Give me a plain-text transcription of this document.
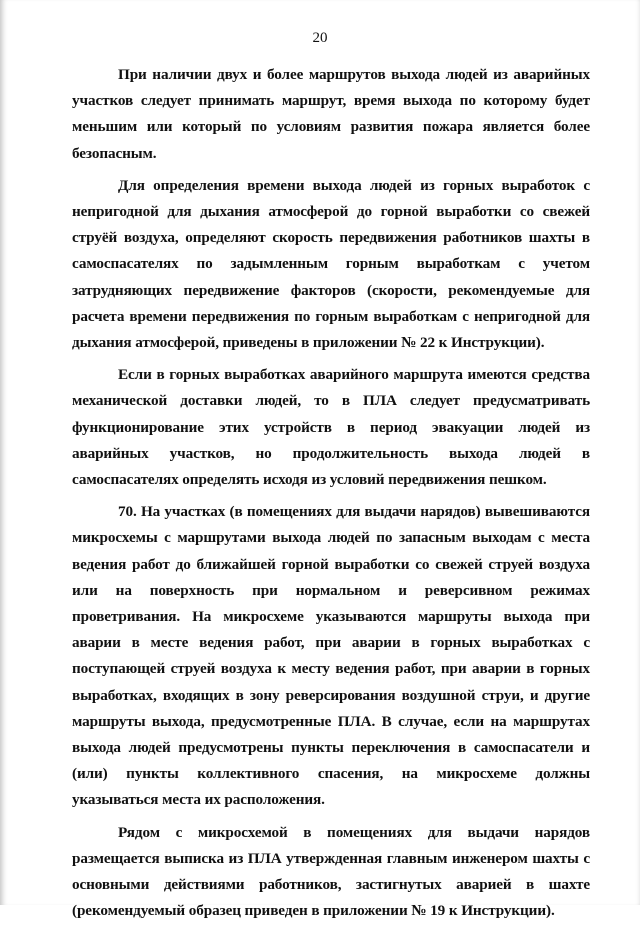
20

При наличии двух и более маршрутов выхода людей из аварийных участков следует принимать маршрут, время выхода по которому будет меньшим или который по условиям развития пожара является более безопасным.

Для определения времени выхода людей из горных выработок с непригодной для дыхания атмосферой до горной выработки со свежей струёй воздуха, определяют скорость передвижения работников шахты в самоспасателях по задымленным горным выработкам с учетом затрудняющих передвижение факторов (скорости, рекомендуемые для расчета времени передвижения по горным выработкам с непригодной для дыхания атмосферой, приведены в приложении № 22 к Инструкции).

Если в горных выработках аварийного маршрута имеются средства механической доставки людей, то в ПЛА следует предусматривать функционирование этих устройств в период эвакуации людей из аварийных участков, но продолжительность выхода людей в самоспасателях определять исходя из условий передвижения пешком.

70. На участках (в помещениях для выдачи нарядов) вывешиваются микросхемы с маршрутами выхода людей по запасным выходам с места ведения работ до ближайшей горной выработки со свежей струей воздуха или на поверхность при нормальном и реверсивном режимах проветривания. На микросхеме указываются маршруты выхода при аварии в месте ведения работ, при аварии в горных выработках с поступающей струей воздуха к месту ведения работ, при аварии в горных выработках, входящих в зону реверсирования воздушной струи, и другие маршруты выхода, предусмотренные ПЛА. В случае, если на маршрутах выхода людей предусмотрены пункты переключения в самоспасатели и (или) пункты коллективного спасения, на микросхеме должны указываться места их расположения.

Рядом с микросхемой в помещениях для выдачи нарядов размещается выписка из ПЛА утвержденная главным инженером шахты с основными действиями работников, застигнутых аварией в шахте (рекомендуемый образец приведен в приложении № 19 к Инструкции).
